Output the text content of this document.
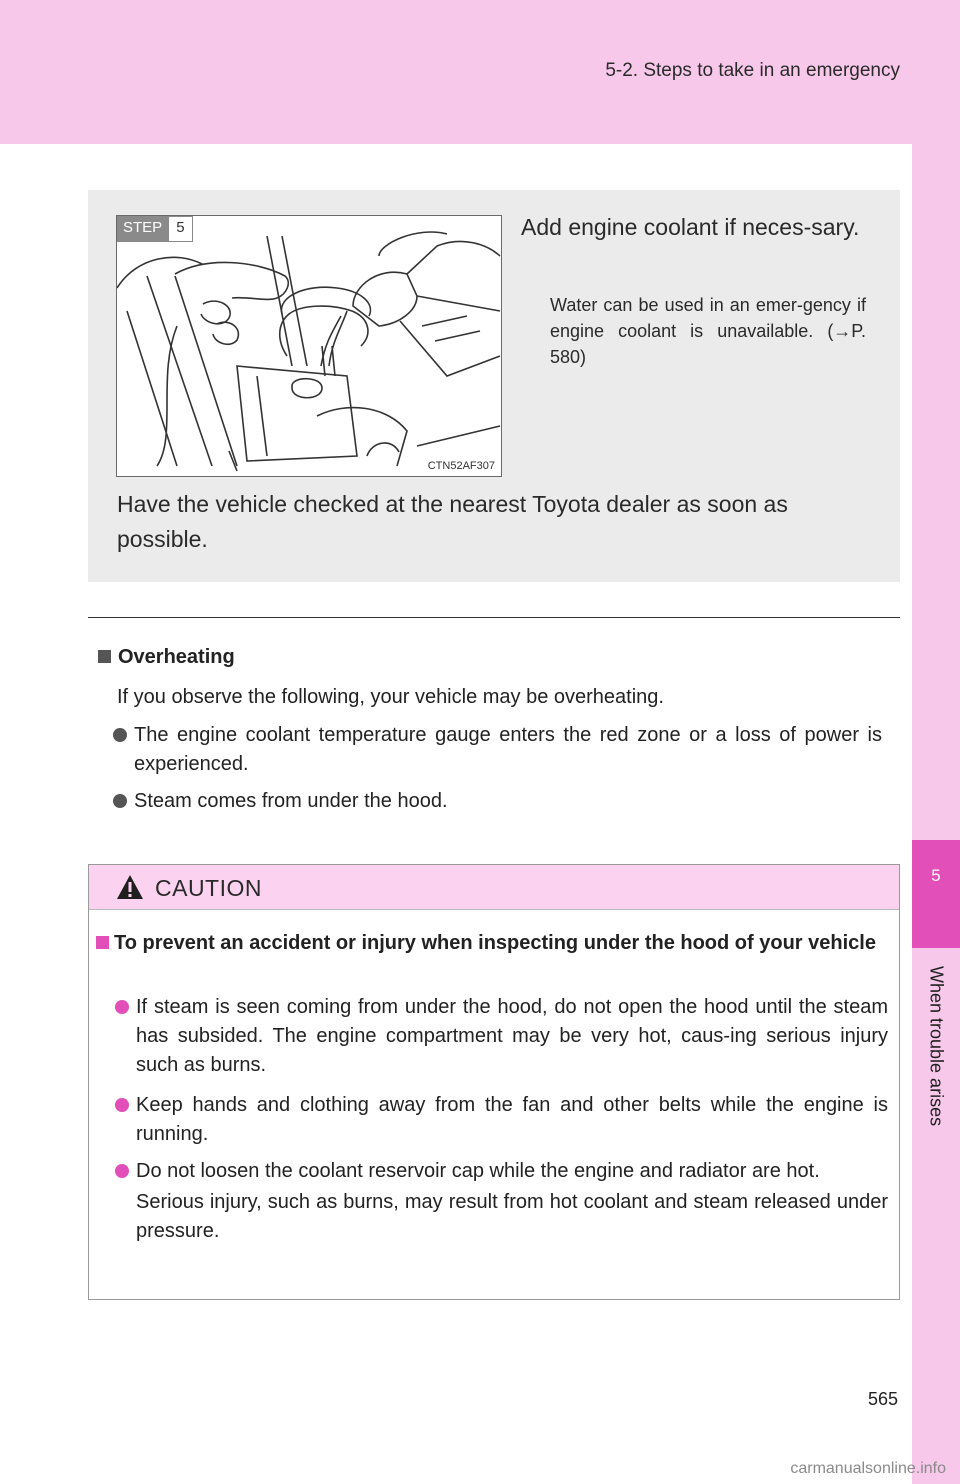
5-2. Steps to take in an emergency
5
When trouble arises
STEP 5
CTN52AF307
Add engine coolant if neces-sary.
Water can be used in an emer-gency if engine coolant is unavailable. (→P. 580)
Have the vehicle checked at the nearest Toyota dealer as soon as possible.
Overheating
If you observe the following, your vehicle may be overheating.
The engine coolant temperature gauge enters the red zone or a loss of power is experienced.
Steam comes from under the hood.
CAUTION
To prevent an accident or injury when inspecting under the hood of your vehicle
If steam is seen coming from under the hood, do not open the hood until the steam has subsided. The engine compartment may be very hot, caus-ing serious injury such as burns.
Keep hands and clothing away from the fan and other belts while the engine is running.
Do not loosen the coolant reservoir cap while the engine and radiator are hot.
Serious injury, such as burns, may result from hot coolant and steam released under pressure.
565
carmanualsonline.info
